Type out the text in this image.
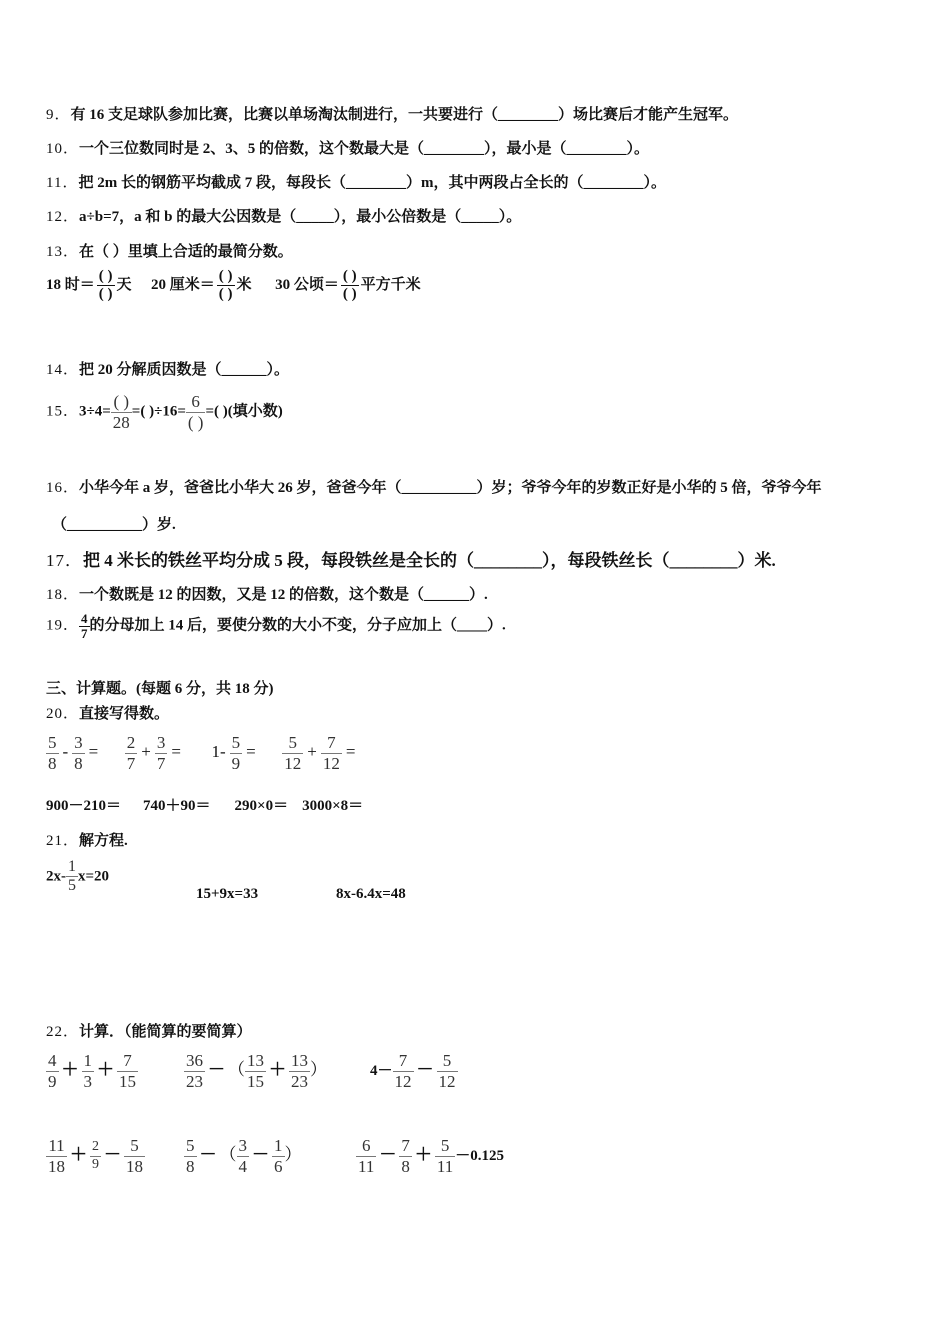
9．有 16 支足球队参加比赛，比赛以单场淘汰制进行，一共要进行（________）场比赛后才能产生冠军。
10．一个三位数同时是 2、3、5 的倍数，这个数最大是（________），最小是（________）。
11．把 2m 长的钢筋平均截成 7 段，每段长（________）m，其中两段占全长的（________）。
12．a÷b=7，a 和 b 的最大公因数是（_____），最小公倍数是（_____）。
13．在（ ）里填上合适的最简分数。
18 时＝ $\frac{( )}{( )}$ 天 20 厘米＝ $\frac{( )}{( )}$ 米 30 公顷＝ $\frac{( )}{( )}$ 平方千米
14．把 20 分解质因数是（______）。
15．$3\div 4= \frac{( )}{28}$ =( )$\div 16= \frac{6}{( )}$ =( )(填小数)
16．小华今年 a 岁，爸爸比小华大 26 岁，爸爸今年（__________）岁；爷爷今年的岁数正好是小华的 5 倍，爷爷今年
（__________）岁.
17．把 4 米长的铁丝平均分成 5 段，每段铁丝是全长的（________），每段铁丝长（________）米.
18．一个数既是 12 的因数，又是 12 的倍数，这个数是（______）.
19． $\frac{4}{7}$ 的分母加上 14 后，要使分数的大小不变，分子应加上（____）.
三、计算题。(每题 6 分，共 18 分)
20．直接写得数。
$\frac{5}{8} - \frac{3}{8} = \frac{2}{7} + \frac{3}{7} = 1- \frac{5}{9} = \frac{5}{12} + \frac{7}{12}$ =
900－210＝ 740＋90＝ 290×0＝ 3000×8＝
21．解方程.
$2x- \frac{1}{5} x=20$
15+9x=33	8x-6.4x=48
22．计算．（能简算的要简算）
$\frac{4}{9} + \frac{1}{3} + \frac{7}{15}$	$\frac{36}{23}$ － （ $\frac{13}{15} + \frac{13}{23}$ ）	$4- \frac{7}{12} - \frac{5}{12}$
$\frac{11}{18} + \frac{2}{9} - \frac{5}{18} \frac{5}{8}$ － （ $\frac{3}{4} - \frac{1}{6}$ ）	$\frac{6}{11} - \frac{7}{8} + \frac{5}{11} -0.125$
